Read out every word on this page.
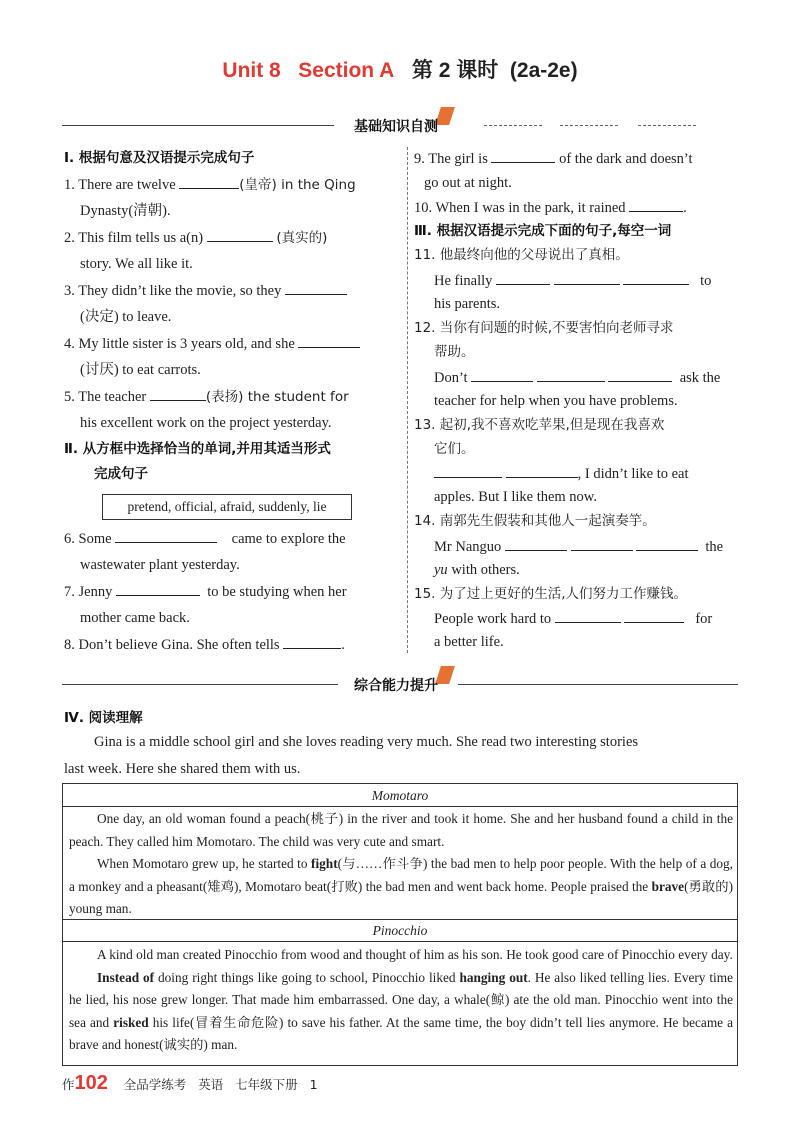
Unit 8 Section A 第 2 课时 (2a-2e)
基础知识自测
Ⅰ. 根据句意及汉语提示完成句子
1. There are twelve	(皇帝) in the Qing
Dynasty(清朝).
2. This film tells us a(n)	(真实的)
story. We all like it.
3. They didn’t like the movie, so they
(决定) to leave.
4. My little sister is 3 years old, and she
(讨厌) to eat carrots.
5. The teacher	(表扬) the student for
his excellent work on the project yesterday.
Ⅱ. 从方框中选择恰当的单词,并用其适当形式
完成句子
pretend, official, afraid, suddenly, lie
6. Some	came to explore the
wastewater plant yesterday.
7. Jenny	to be studying when her
mother came back.
8. Don’t believe Gina. She often tells	.
9. The girl is	of the dark and doesn’t
go out at night.
10. When I was in the park, it rained	.
Ⅲ. 根据汉语提示完成下面的句子,每空一词
11. 他最终向他的父母说出了真相。
He finally	to
his parents.
12. 当你有问题的时候,不要害怕向老师寻求
帮助。
Don’t	ask the
teacher for help when you have problems.
13. 起初,我不喜欢吃苹果,但是现在我喜欢
它们。
, I didn’t like to eat
apples. But I like them now.
14. 南郭先生假装和其他人一起演奏竽。
Mr Nanguo	the
yu with others.
15. 为了过上更好的生活,人们努力工作赚钱。
People work hard to	for
a better life.
综合能力提升
Ⅳ. 阅读理解
Gina is a middle school girl and she loves reading very much. She read two interesting stories
last week. Here she shared them with us.
Momotaro

One day, an old woman found a peach(桃子) in the river and took it home. She and her husband found a child in the peach. They called him Momotaro. The child was very cute and smart.

When Momotaro grew up, he started to fight(与……作斗争) the bad men to help poor people. With the help of a dog, a monkey and a pheasant(雉鸡), Momotaro beat(打败) the bad men and went back home. People praised the brave(勇敢的) young man.

Pinocchio

A kind old man created Pinocchio from wood and thought of him as his son. He took good care of Pinocchio every day.

Instead of doing right things like going to school, Pinocchio liked hanging out. He also liked telling lies. Every time he lied, his nose grew longer. That made him embarrassed. One day, a whale(鲸) ate the old man. Pinocchio went into the sea and risked his life(冒着生命危险) to save his father. At the same time, the boy didn’t tell lies anymore. He became a brave and honest(诚实的) man.

作102 全品学练考 英语 七年级下册 1
